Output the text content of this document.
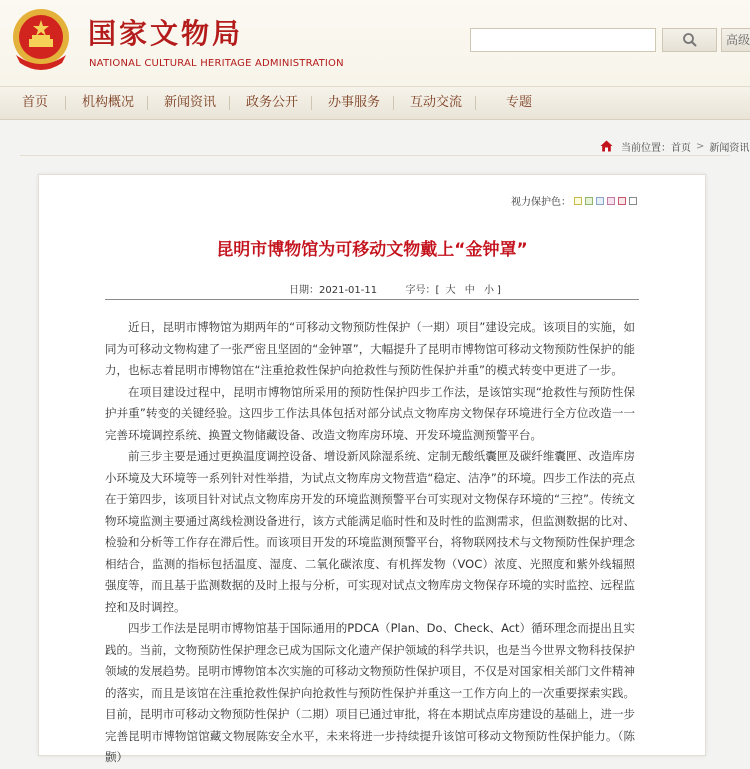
国家文物局
NATIONAL CULTURAL HERITAGE ADMINISTRATION
高级
首页	机构概况 新闻资讯 政务公开 办事服务 互动交流	专题
当前位置： 首页 > 新闻资讯
视力保护色：
昆明市博物馆为可移动文物戴上“金钟罩”
日期：2021-01-11	字号：[ 大 中 小 ]

近日，昆明市博物馆为期两年的“可移动文物预防性保护（一期）项目”建设完成。该项目的实施，如同为可移动文物构建了一张严密且坚固的“金钟罩”，大幅提升了昆明市博物馆可移动文物预防性保护的能力，也标志着昆明市博物馆在“注重抢救性保护向抢救性与预防性保护并重”的模式转变中更进了一步。

在项目建设过程中，昆明市博物馆所采用的预防性保护四步工作法，是该馆实现“抢救性与预防性保护并重”转变的关键经验。这四步工作法具体包括对部分试点文物库房文物保存环境进行全方位改造一一完善环境调控系统、换置文物储藏设备、改造文物库房环境、开发环境监测预警平台。

前三步主要是通过更换温度调控设备、增设新风除湿系统、定制无酸纸囊匣及碳纤维囊匣、改造库房小环境及大环境等一系列针对性举措，为试点文物库房文物营造“稳定、洁净”的环境。四步工作法的亮点在于第四步，该项目针对试点文物库房开发的环境监测预警平台可实现对文物保存环境的“三控”。传统文物环境监测主要通过离线检测设备进行，该方式能满足临时性和及时性的监测需求，但监测数据的比对、检验和分析等工作存在滞后性。而该项目开发的环境监测预警平台，将物联网技术与文物预防性保护理念相结合，监测的指标包括温度、湿度、二氧化碳浓度、有机挥发物（VOC）浓度、光照度和紫外线辐照强度等，而且基于监测数据的及时上报与分析，可实现对试点文物库房文物保存环境的实时监控、远程监控和及时调控。

四步工作法是昆明市博物馆基于国际通用的PDCA（Plan、Do、Check、Act）循环理念而提出且实践的。当前，文物预防性保护理念已成为国际文化遗产保护领域的科学共识，也是当今世界文物科技保护领域的发展趋势。昆明市博物馆本次实施的可移动文物预防性保护项目，不仅是对国家相关部门文件精神的落实，而且是该馆在注重抢救性保护向抢救性与预防性保护并重这一工作方向上的一次重要探索实践。目前，昆明市可移动文物预防性保护（二期）项目已通过审批，将在本期试点库房建设的基础上，进一步完善昆明市博物馆馆藏文物展陈安全水平，未来将进一步持续提升该馆可移动文物预防性保护能力。（陈　颢）
